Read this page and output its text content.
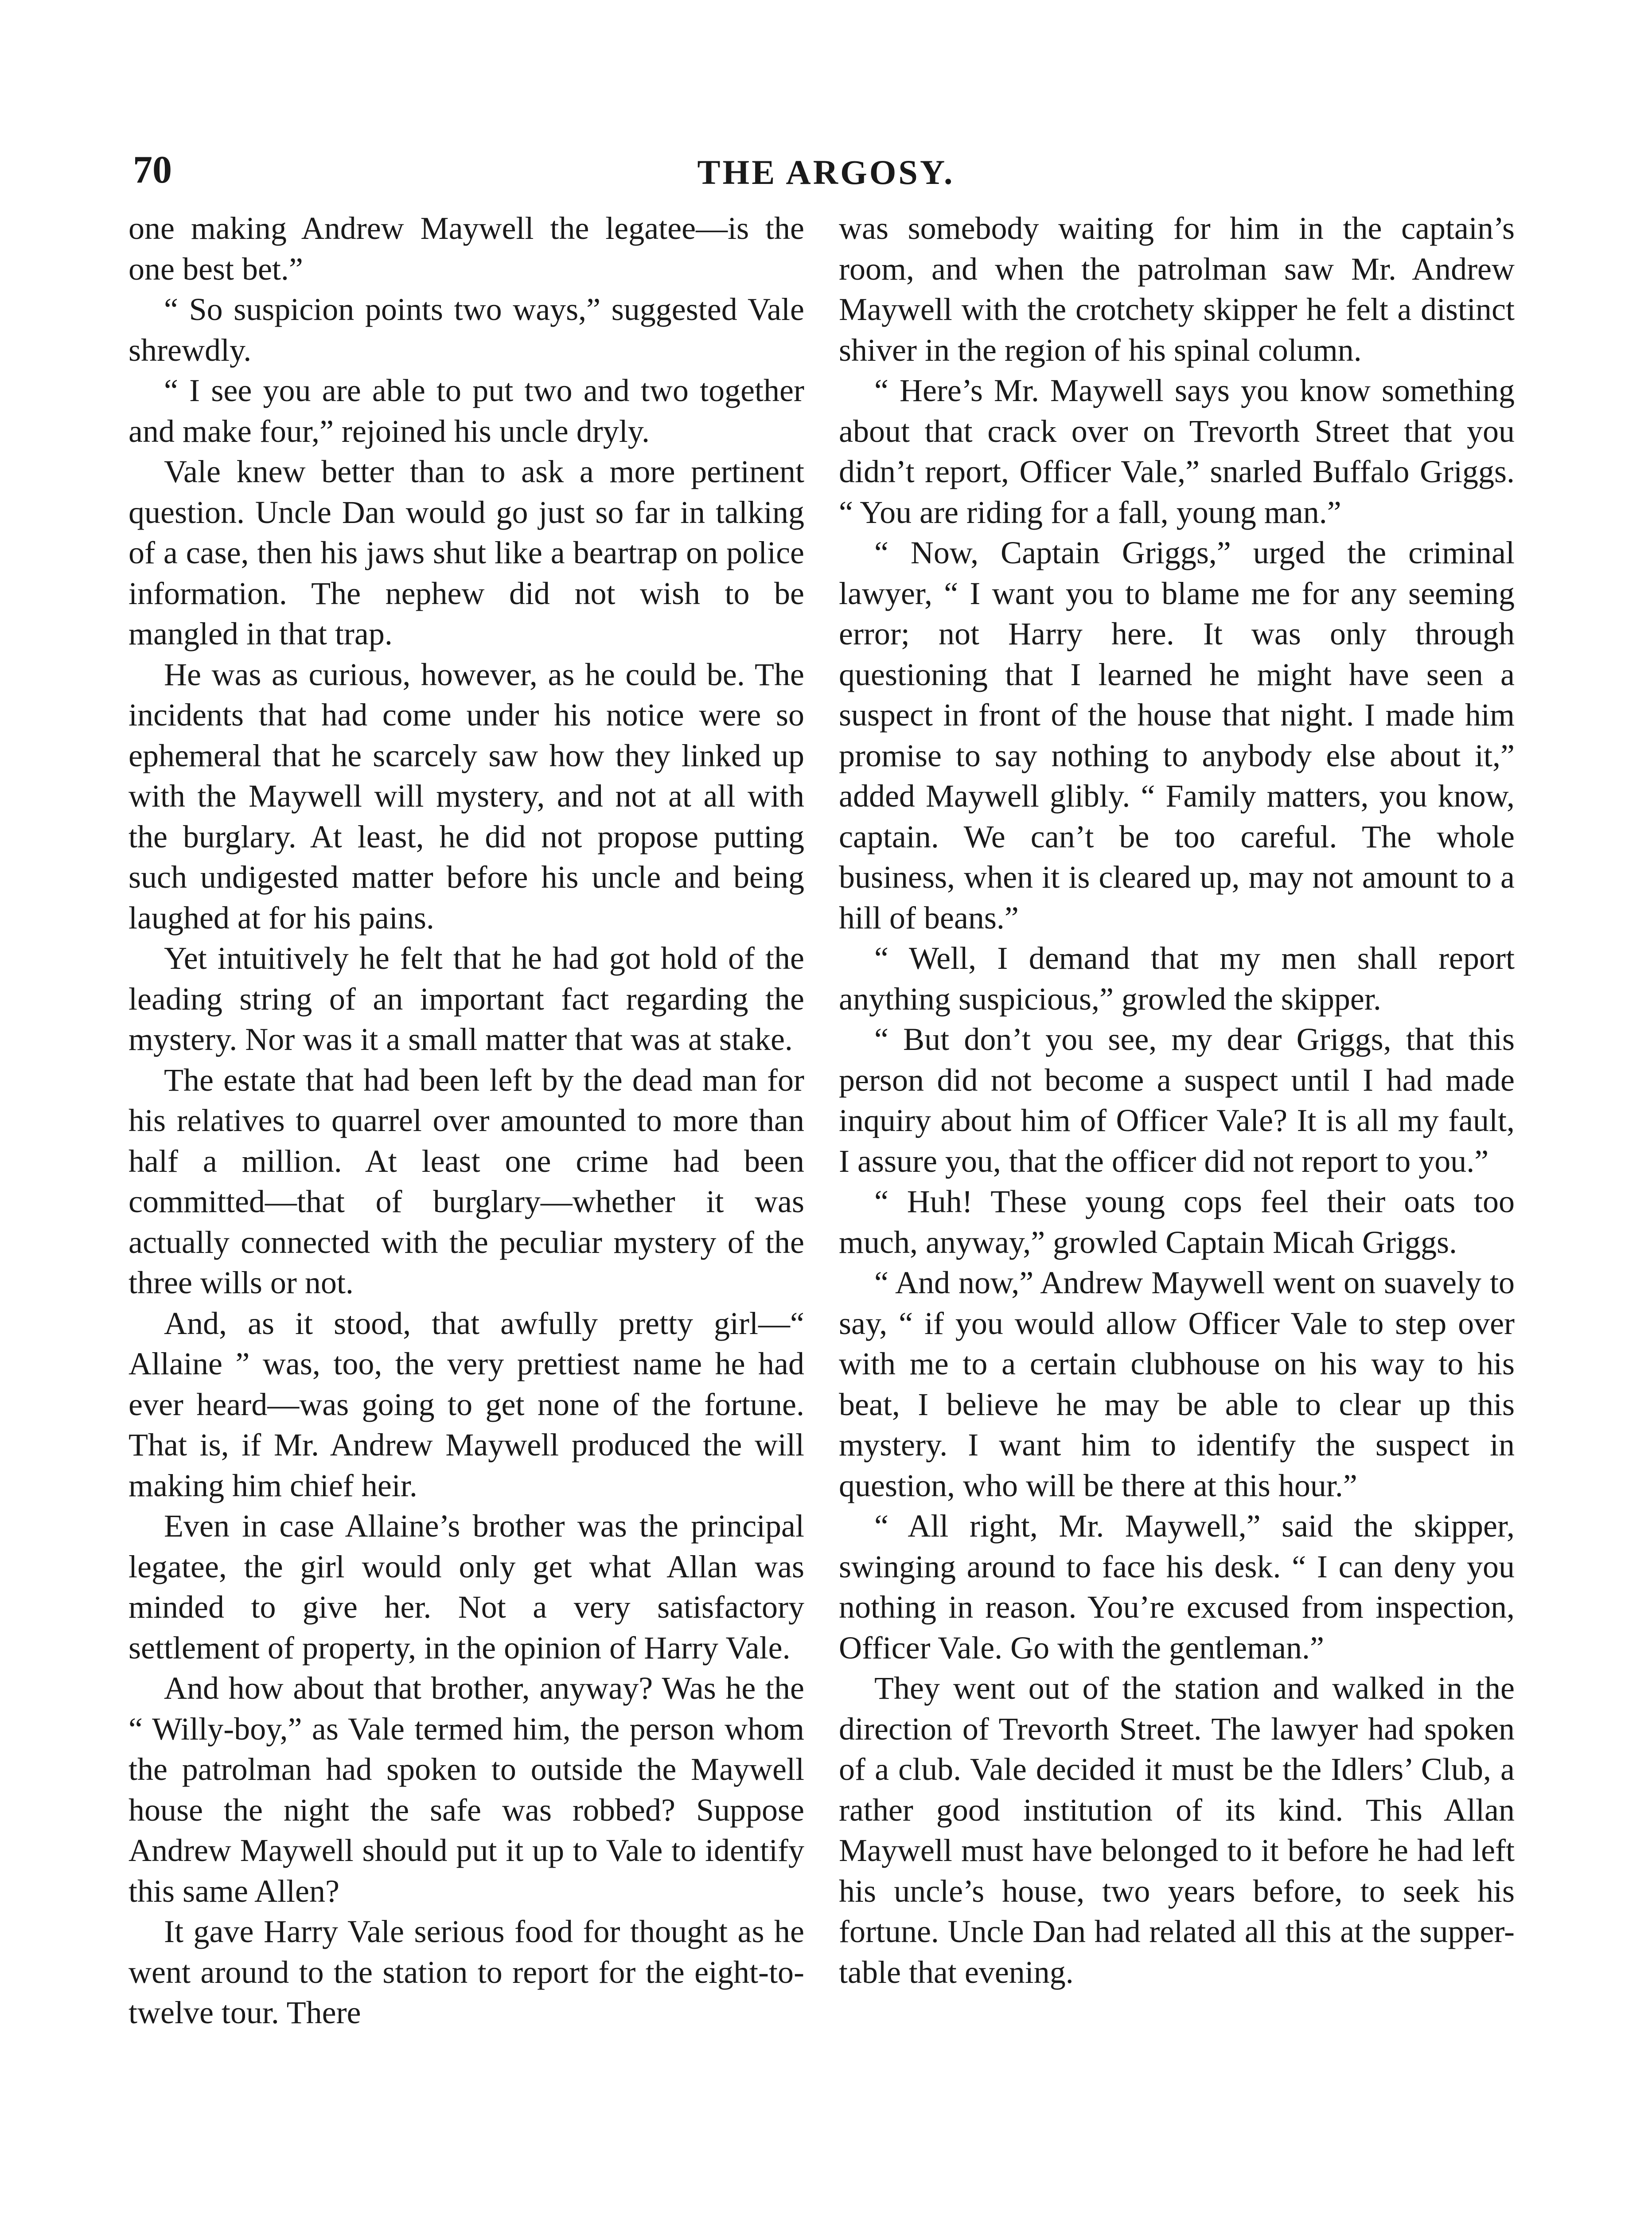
70	THE ARGOSY.

one making Andrew Maywell the legatee—is the one best bet.”

“ So suspicion points two ways,” suggested Vale shrewdly.

“ I see you are able to put two and two together and make four,” rejoined his uncle dryly.

Vale knew better than to ask a more pertinent question. Uncle Dan would go just so far in talking of a case, then his jaws shut like a beartrap on police information. The nephew did not wish to be mangled in that trap.

He was as curious, however, as he could be. The incidents that had come under his notice were so ephemeral that he scarcely saw how they linked up with the Maywell will mystery, and not at all with the burglary. At least, he did not propose putting such undigested matter before his uncle and being laughed at for his pains.

Yet intuitively he felt that he had got hold of the leading string of an important fact regarding the mystery. Nor was it a small matter that was at stake.

The estate that had been left by the dead man for his relatives to quarrel over amounted to more than half a million. At least one crime had been committed—that of burglary—whether it was actually connected with the peculiar mystery of the three wills or not.

And, as it stood, that awfully pretty girl—“ Allaine ” was, too, the very prettiest name he had ever heard—was going to get none of the fortune. That is, if Mr. Andrew Maywell produced the will making him chief heir.

Even in case Allaine’s brother was the principal legatee, the girl would only get what Allan was minded to give her. Not a very satisfactory settlement of property, in the opinion of Harry Vale.

And how about that brother, anyway? Was he the “ Willy-boy,” as Vale termed him, the person whom the patrolman had spoken to outside the Maywell house the night the safe was robbed? Suppose Andrew Maywell should put it up to Vale to identify this same Allen?

It gave Harry Vale serious food for thought as he went around to the station to report for the eight-to-twelve tour. There

was somebody waiting for him in the captain’s room, and when the patrolman saw Mr. Andrew Maywell with the crotchety skipper he felt a distinct shiver in the region of his spinal column.

“ Here’s Mr. Maywell says you know something about that crack over on Trevorth Street that you didn’t report, Officer Vale,” snarled Buffalo Griggs. “ You are riding for a fall, young man.”

“ Now, Captain Griggs,” urged the criminal lawyer, “ I want you to blame me for any seeming error; not Harry here. It was only through questioning that I learned he might have seen a suspect in front of the house that night. I made him promise to say nothing to anybody else about it,” added Maywell glibly. “ Family matters, you know, captain. We can’t be too careful. The whole business, when it is cleared up, may not amount to a hill of beans.”

“ Well, I demand that my men shall report anything suspicious,” growled the skipper.

“ But don’t you see, my dear Griggs, that this person did not become a suspect until I had made inquiry about him of Officer Vale? It is all my fault, I assure you, that the officer did not report to you.”

“ Huh! These young cops feel their oats too much, anyway,” growled Captain Micah Griggs.

“ And now,” Andrew Maywell went on suavely to say, “ if you would allow Officer Vale to step over with me to a certain clubhouse on his way to his beat, I believe he may be able to clear up this mystery. I want him to identify the suspect in question, who will be there at this hour.”

“ All right, Mr. Maywell,” said the skipper, swinging around to face his desk. “ I can deny you nothing in reason. You’re excused from inspection, Officer Vale. Go with the gentleman.”

They went out of the station and walked in the direction of Trevorth Street. The lawyer had spoken of a club. Vale decided it must be the Idlers’ Club, a rather good institution of its kind. This Allan Maywell must have belonged to it before he had left his uncle’s house, two years before, to seek his fortune. Uncle Dan had related all this at the supper-table that evening.
